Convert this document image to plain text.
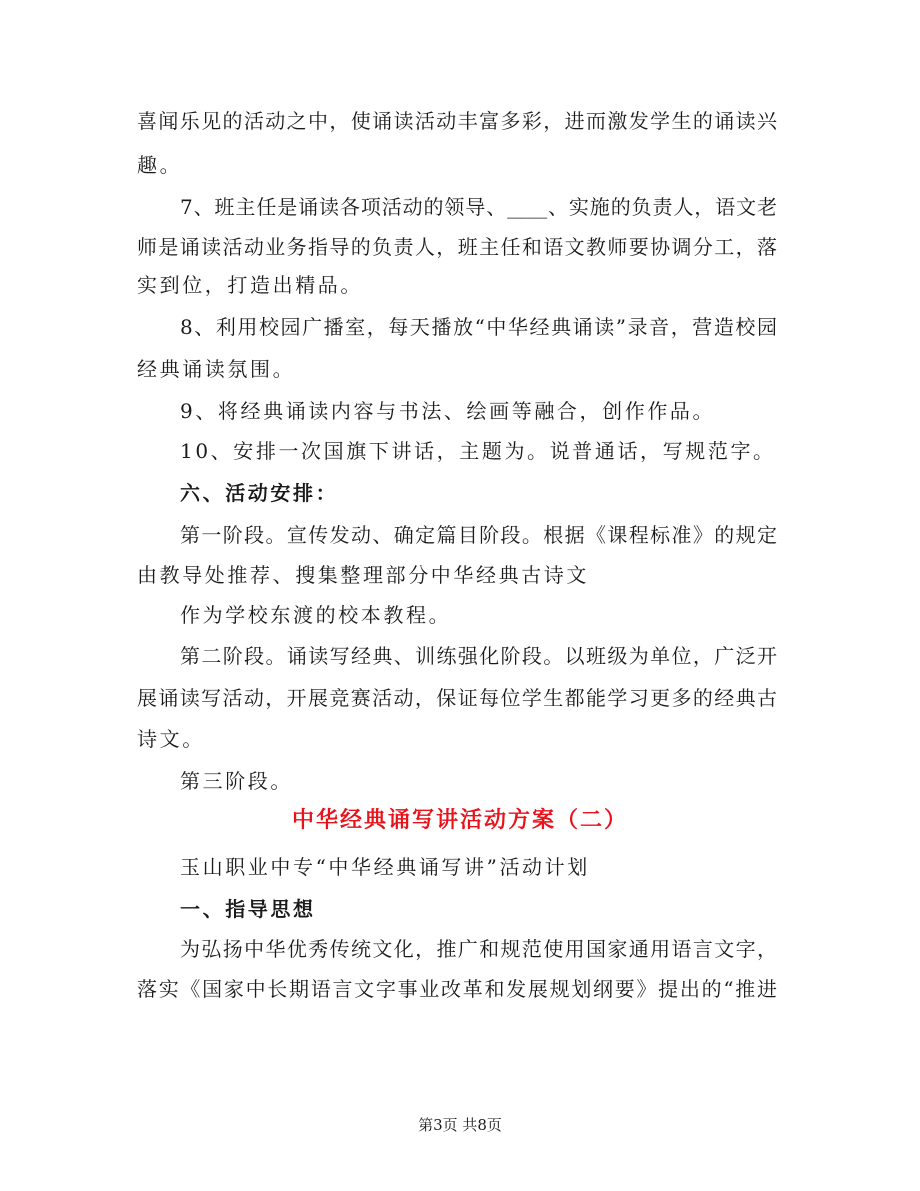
喜闻乐见的活动之中，使诵读活动丰富多彩，进而激发学生的诵读兴
趣。
7、班主任是诵读各项活动的领导、____、实施的负责人，语文老
师是诵读活动业务指导的负责人，班主任和语文教师要协调分工，落
实到位，打造出精品。
8、利用校园广播室，每天播放“中华经典诵读”录音，营造校园
经典诵读氛围。
9、将经典诵读内容与书法、绘画等融合，创作作品。
10、安排一次国旗下讲话，主题为。说普通话，写规范字。
六、活动安排：
第一阶段。宣传发动、确定篇目阶段。根据《课程标准》的规定
由教导处推荐、搜集整理部分中华经典古诗文
作为学校东渡的校本教程。
第二阶段。诵读写经典、训练强化阶段。以班级为单位，广泛开
展诵读写活动，开展竞赛活动，保证每位学生都能学习更多的经典古
诗文。
第三阶段。
中华经典诵写讲活动方案（二）
玉山职业中专“中华经典诵写讲”活动计划
一、指导思想
为弘扬中华优秀传统文化，推广和规范使用国家通用语言文字，
落实《国家中长期语言文字事业改革和发展规划纲要》提出的“推进
第3页 共8页
